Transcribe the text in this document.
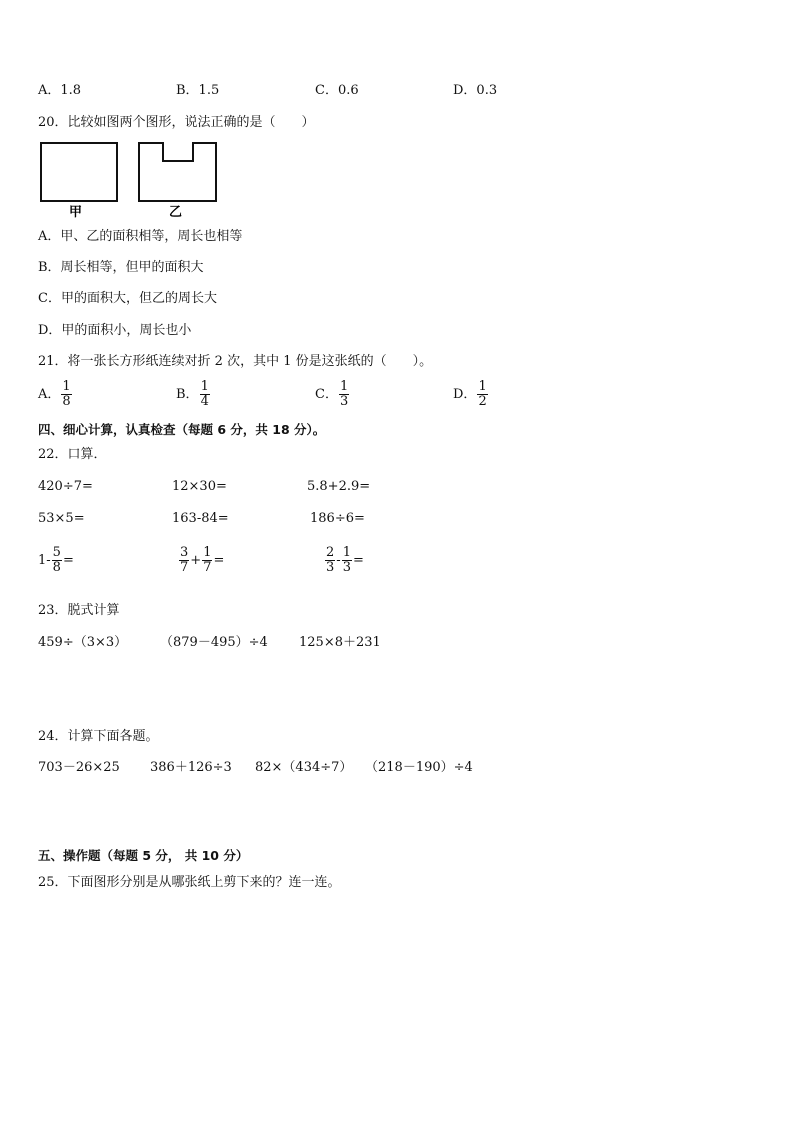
A．1.8	B．1.5	C．0.6	D．0.3
20．比较如图两个图形，说法正确的是（　　）
甲	乙
A．甲、乙的面积相等，周长也相等
B．周长相等，但甲的面积大
C．甲的面积大，但乙的周长大
D．甲的面积小，周长也小
21．将一张长方形纸连续对折 2 次，其中 1 份是这张纸的（　　）。
A． $\frac{1}{8}$	B． $\frac{1}{4}$	C． $\frac{1}{3}$	D． $\frac{1}{2}$
四、细心计算，认真检查（每题 6 分，共 18 分）。
22．口算．
420÷7=	12×30=	5.8+2.9=
53×5=	163-84=	186÷6=
$1- \frac{5}{8}$ =	$\frac{3}{7} + \frac{1}{7}$ =	$\frac{2}{3} - \frac{1}{3}$ =
23．脱式计算
459÷（3×3）	（879－495）÷4 125×8＋231
24．计算下面各题。
703－26×25 386＋126÷3 82×（434÷7） （218－190）÷4
五、操作题（每题 5 分， 共 10 分）
25．下面图形分别是从哪张纸上剪下来的？连一连。
